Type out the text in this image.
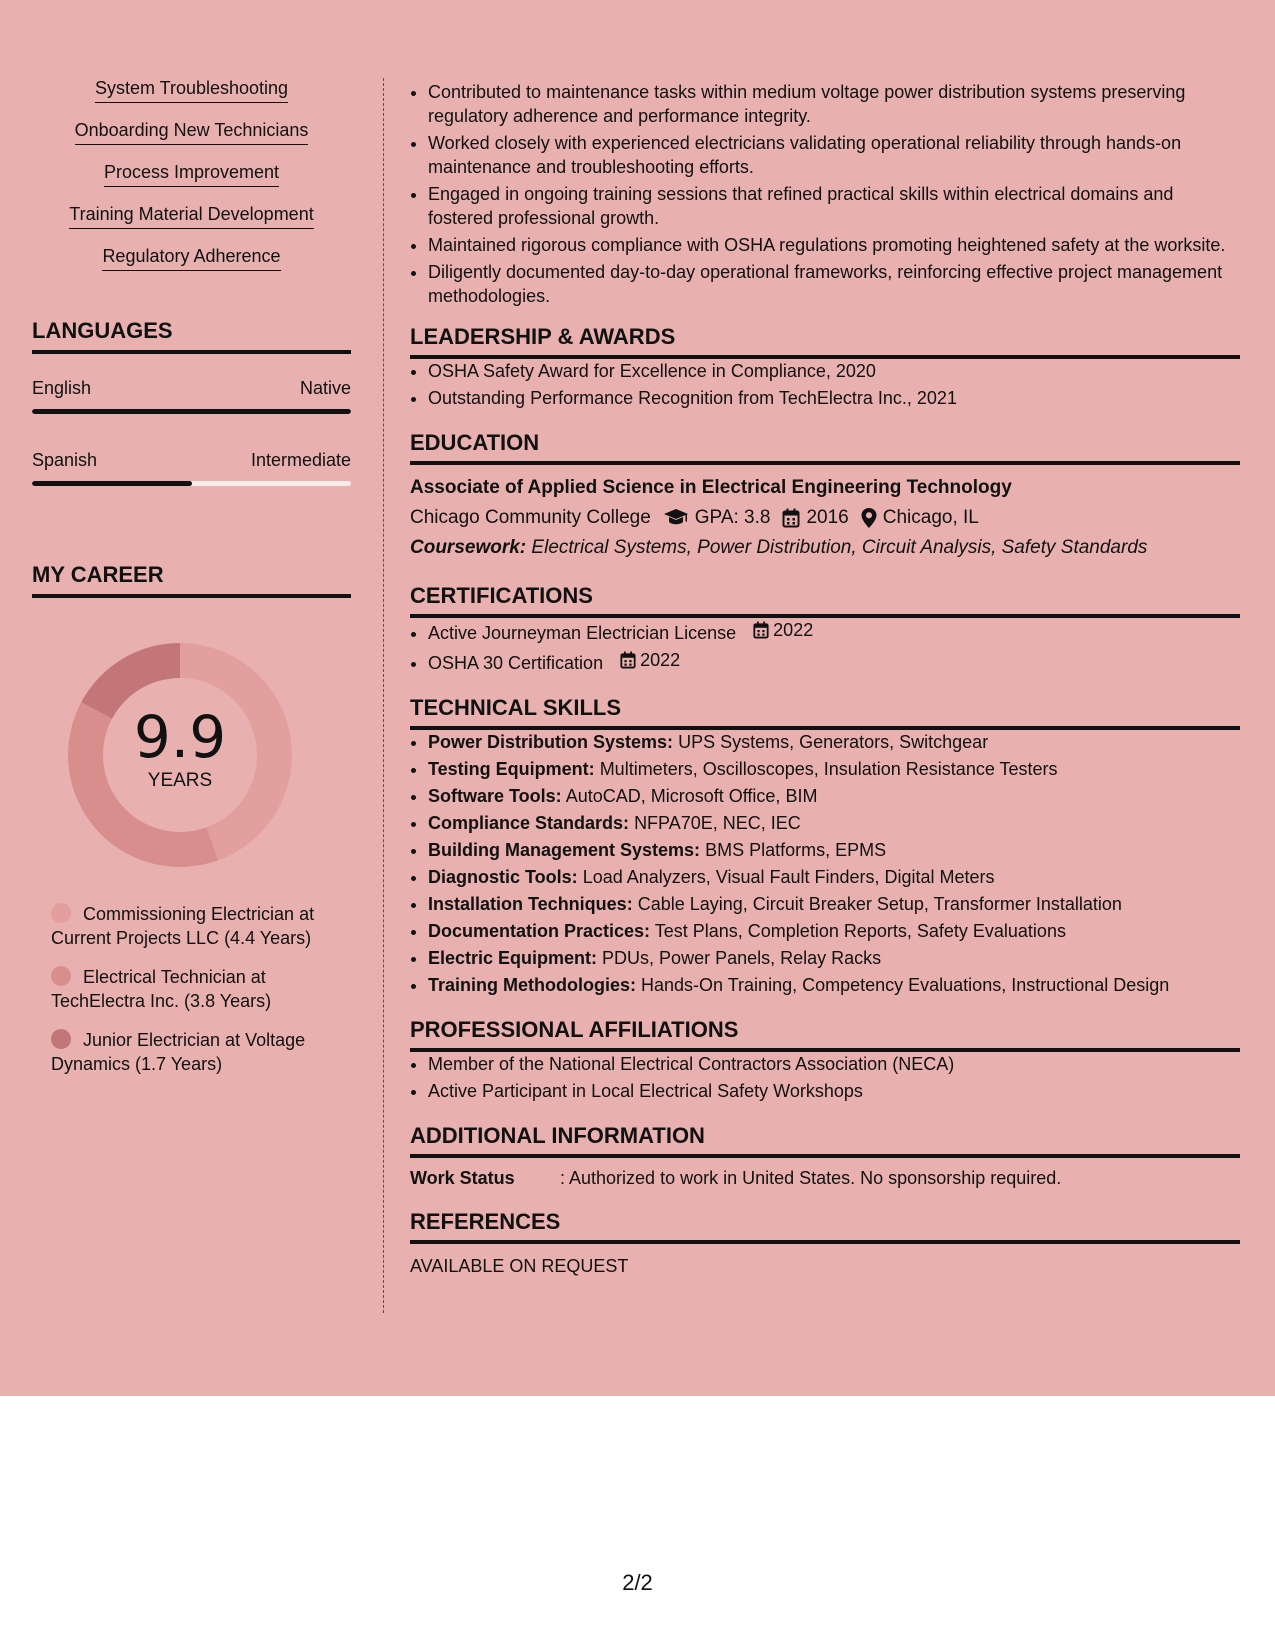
System Troubleshooting
Onboarding New Technicians
Process Improvement
Training Material Development
Regulatory Adherence
LANGUAGES
English	Native
Spanish	Intermediate
MY CAREER
9.9
YEARS
Commissioning Electrician at Current Projects LLC (4.4 Years)
Electrical Technician at TechElectra Inc. (3.8 Years)
Junior Electrician at Voltage Dynamics (1.7 Years)
• Contributed to maintenance tasks within medium voltage power distribution systems preserving regulatory adherence and performance integrity.
• Worked closely with experienced electricians validating operational reliability through hands-on maintenance and troubleshooting efforts.
• Engaged in ongoing training sessions that refined practical skills within electrical domains and fostered professional growth.
• Maintained rigorous compliance with OSHA regulations promoting heightened safety at the worksite.
• Diligently documented day-to-day operational frameworks, reinforcing effective project management methodologies.
LEADERSHIP & AWARDS
• OSHA Safety Award for Excellence in Compliance, 2020
• Outstanding Performance Recognition from TechElectra Inc., 2021
EDUCATION
Associate of Applied Science in Electrical Engineering Technology
Chicago Community College GPA: 3.8 2016 Chicago, IL
Coursework: Electrical Systems, Power Distribution, Circuit Analysis, Safety Standards
CERTIFICATIONS
• Active Journeyman Electrician License 2022
• OSHA 30 Certification 2022
TECHNICAL SKILLS
• Power Distribution Systems: UPS Systems, Generators, Switchgear
• Testing Equipment: Multimeters, Oscilloscopes, Insulation Resistance Testers
• Software Tools: AutoCAD, Microsoft Office, BIM
• Compliance Standards: NFPA70E, NEC, IEC
• Building Management Systems: BMS Platforms, EPMS
• Diagnostic Tools: Load Analyzers, Visual Fault Finders, Digital Meters
• Installation Techniques: Cable Laying, Circuit Breaker Setup, Transformer Installation
• Documentation Practices: Test Plans, Completion Reports, Safety Evaluations
• Electric Equipment: PDUs, Power Panels, Relay Racks
• Training Methodologies: Hands-On Training, Competency Evaluations, Instructional Design
PROFESSIONAL AFFILIATIONS
• Member of the National Electrical Contractors Association (NECA)
• Active Participant in Local Electrical Safety Workshops
ADDITIONAL INFORMATION
Work Status	: Authorized to work in United States. No sponsorship required.
REFERENCES
AVAILABLE ON REQUEST
2/2
